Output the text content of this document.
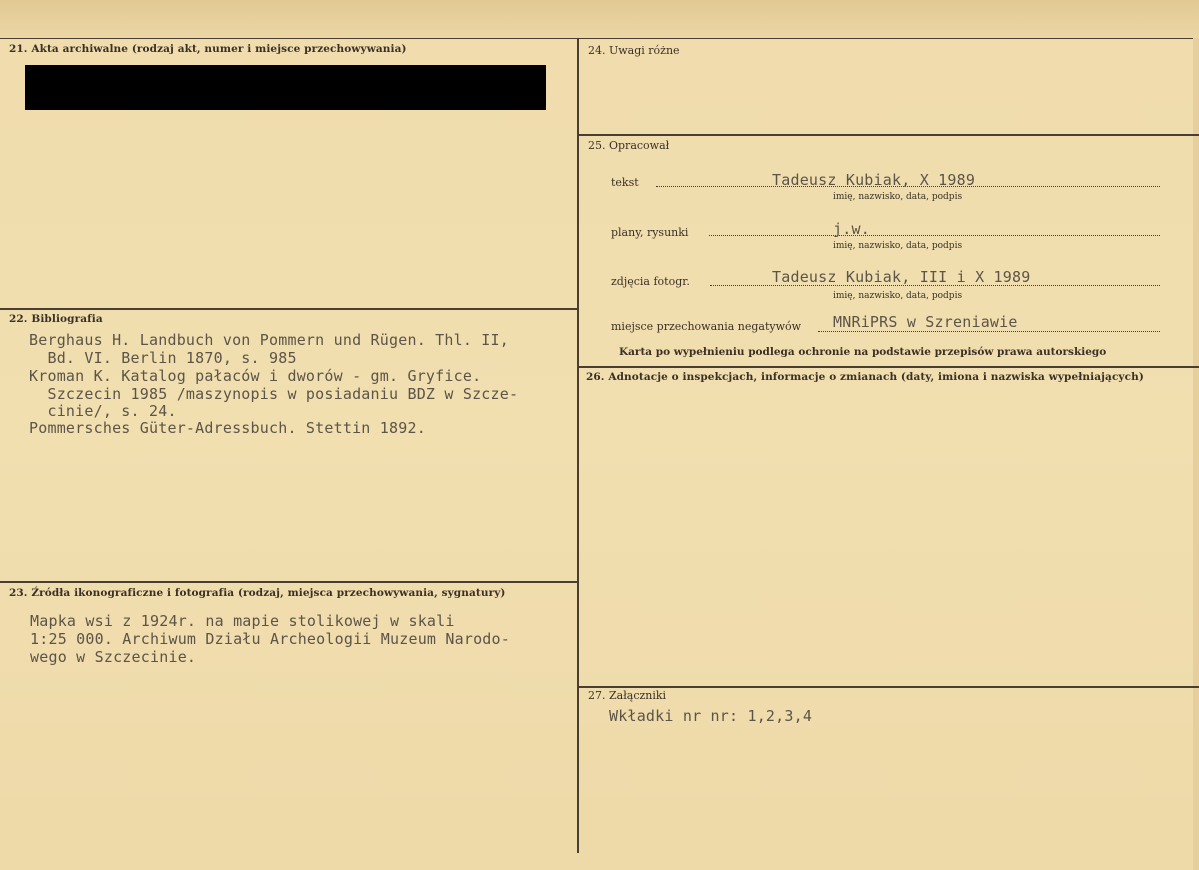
21. Akta archiwalne (rodzaj akt, numer i miejsce przechowywania)
22. Bibliografia
Berghaus H. Landbuch von Pommern und Rügen. Thl. II,
Bd. VI. Berlin 1870, s. 985
Kroman K. Katalog pałaców i dworów - gm. Gryfice.
Szczecin 1985 /maszynopis w posiadaniu BDZ w Szcze-
cinie/, s. 24.
Pommersches Güter-Adressbuch. Stettin 1892.
23. Źródła ikonograficzne i fotografia (rodzaj, miejsca przechowywania, sygnatury)
Mapka wsi z 1924r. na mapie stolikowej w skali
1:25 000. Archiwum Działu Archeologii Muzeum Narodo-
wego w Szczecinie.
24. Uwagi różne
25. Opracował
tekst	Tadeusz Kubiak, X 1989
imię, nazwisko, data, podpis
plany, rysunki	j.w.
imię, nazwisko, data, podpis
zdjęcia fotogr.	Tadeusz Kubiak, III i X 1989
imię, nazwisko, data, podpis
miejsce przechowania negatywów MNRiPRS w Szreniawie
Karta po wypełnieniu podlega ochronie na podstawie przepisów prawa autorskiego
26. Adnotacje o inspekcjach, informacje o zmianach (daty, imiona i nazwiska wypełniających)
27. Załączniki
Wkładki nr nr: 1,2,3,4
